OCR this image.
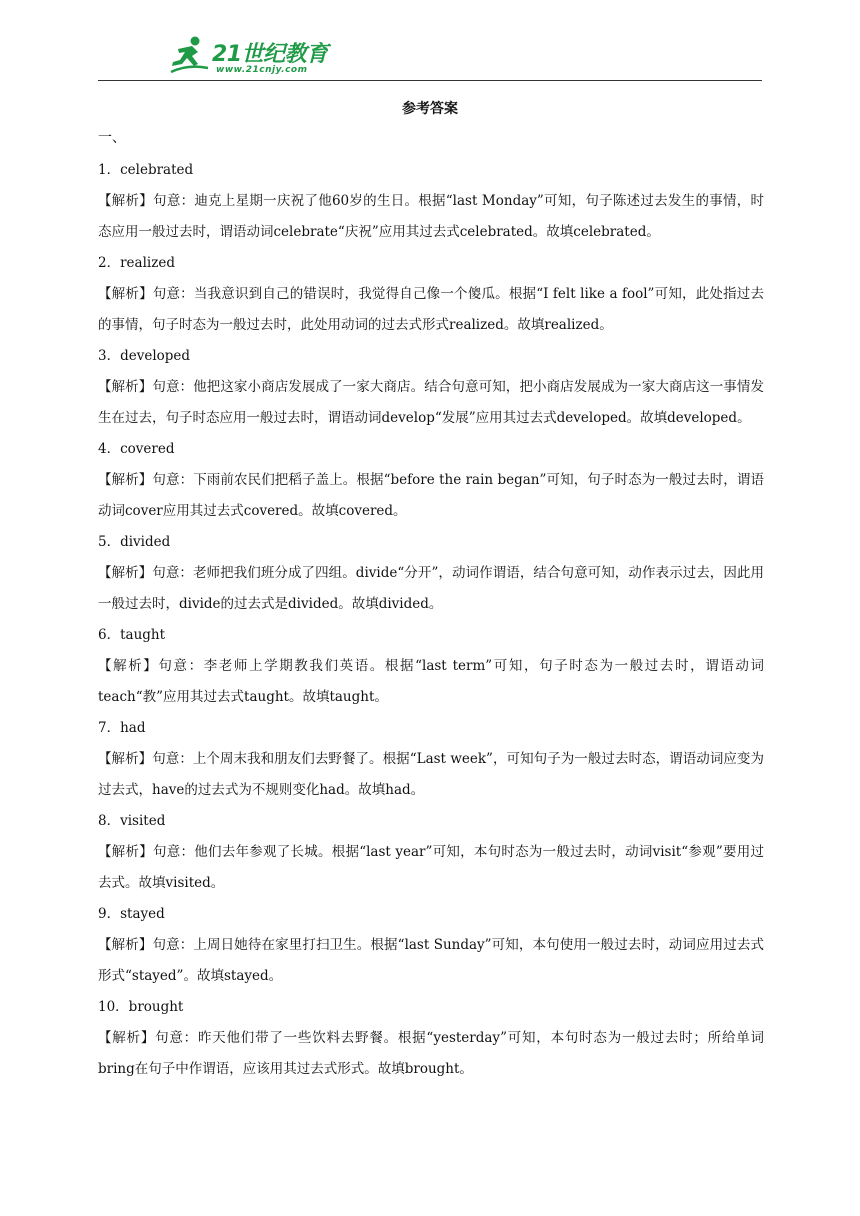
21世纪教育
www.21cnjy.com
参考答案
一、

1．celebrated

【解析】句意：迪克上星期一庆祝了他60岁的生日。根据“last Monday”可知，句子陈述过去发生的事情，时态应用一般过去时，谓语动词celebrate“庆祝”应用其过去式celebrated。故填celebrated。

2．realized

【解析】句意：当我意识到自己的错误时，我觉得自己像一个傻瓜。根据“I felt like a fool”可知，此处指过去的事情，句子时态为一般过去时，此处用动词的过去式形式realized。故填realized。

3．developed

【解析】句意：他把这家小商店发展成了一家大商店。结合句意可知，把小商店发展成为一家大商店这一事情发生在过去，句子时态应用一般过去时，谓语动词develop“发展”应用其过去式developed。故填developed。

4．covered

【解析】句意：下雨前农民们把稻子盖上。根据“before the rain began”可知，句子时态为一般过去时，谓语动词cover应用其过去式covered。故填covered。

5．divided

【解析】句意：老师把我们班分成了四组。divide“分开”，动词作谓语，结合句意可知，动作表示过去，因此用一般过去时，divide的过去式是divided。故填divided。

6．taught

【解析】句意：李老师上学期教我们英语。根据“last term”可知，句子时态为一般过去时，谓语动词teach“教”应用其过去式taught。故填taught。

7．had

【解析】句意：上个周末我和朋友们去野餐了。根据“Last week”，可知句子为一般过去时态，谓语动词应变为过去式，have的过去式为不规则变化had。故填had。

8．visited

【解析】句意：他们去年参观了长城。根据“last year”可知，本句时态为一般过去时，动词visit“参观”要用过去式。故填visited。

9．stayed

【解析】句意：上周日她待在家里打扫卫生。根据“last Sunday”可知，本句使用一般过去时，动词应用过去式形式“stayed”。故填stayed。

10．brought

【解析】句意：昨天他们带了一些饮料去野餐。根据“yesterday”可知，本句时态为一般过去时；所给单词bring在句子中作谓语，应该用其过去式形式。故填brought。
